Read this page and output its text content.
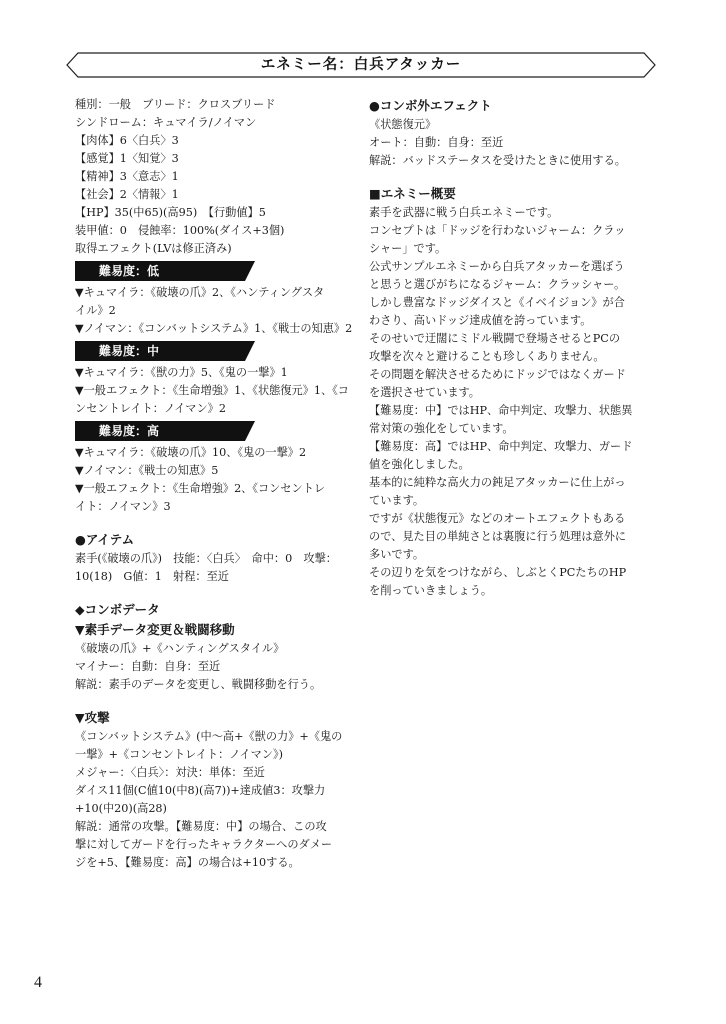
エネミー名：白兵アタッカー

種別：一般　ブリード：クロスブリード

シンドローム：キュマイラ/ノイマン

【肉体】6〈白兵〉3

【感覚】1〈知覚〉3

【精神】3〈意志〉1

【社会】2〈情報〉1

【HP】35(中65)(高95)　【行動値】5

装甲値：0　侵蝕率：100%(ダイス+3個)

取得エフェクト(LVは修正済み)

難易度：低

▼キュマイラ：《破壊の爪》2、《ハンティングスタ

イル》2

▼ノイマン：《コンバットシステム》1、《戦士の知恵》2

難易度：中

▼キュマイラ：《獣の力》5、《鬼の一撃》1

▼一般エフェクト：《生命増強》1、《状態復元》1、《コ

ンセントレイト：ノイマン》2

難易度：高

▼キュマイラ：《破壊の爪》10、《鬼の一撃》2

▼ノイマン：《戦士の知恵》5

▼一般エフェクト：《生命増強》2、《コンセントレ

イト：ノイマン》3

●アイテム

素手(《破壊の爪》)　技能：〈白兵〉　命中：0　攻撃：

10(18)　G値：1　射程：至近

◆コンボデータ

▼素手データ変更＆戦闘移動

《破壊の爪》+《ハンティングスタイル》

マイナー：自動：自身：至近

解説：素手のデータを変更し、戦闘移動を行う。

▼攻撃

《コンバットシステム》(中～高+《獣の力》+《鬼の

一撃》+《コンセントレイト：ノイマン》)

メジャー：〈白兵〉：対決：単体：至近

ダイス11個(C値10(中8)(高7))+達成値3：攻撃力

+10(中20)(高28)

解説：通常の攻撃。【難易度：中】の場合、この攻

撃に対してガードを行ったキャラクターへのダメー

ジを+5、【難易度：高】の場合は+10する。

●コンボ外エフェクト

《状態復元》

オート：自動：自身：至近

解説：バッドステータスを受けたときに使用する。

■エネミー概要

素手を武器に戦う白兵エネミーです。

コンセプトは「ドッジを行わないジャーム：クラッ

シャー」です。

公式サンプルエネミーから白兵アタッカーを選ぼう

と思うと選びがちになるジャーム：クラッシャー。

しかし豊富なドッジダイスと《イベイジョン》が合

わさり、高いドッジ達成値を誇っています。

そのせいで迂闊にミドル戦闘で登場させるとPCの

攻撃を次々と避けることも珍しくありません。

その問題を解決させるためにドッジではなくガード

を選択させています。

【難易度：中】ではHP、命中判定、攻撃力、状態異

常対策の強化をしています。

【難易度：高】ではHP、命中判定、攻撃力、ガード

値を強化しました。

基本的に純粋な高火力の鈍足アタッカーに仕上がっ

ています。

ですが《状態復元》などのオートエフェクトもある

ので、見た目の単純さとは裏腹に行う処理は意外に

多いです。

その辺りを気をつけながら、しぶとくPCたちのHP

を削っていきましょう。

4
